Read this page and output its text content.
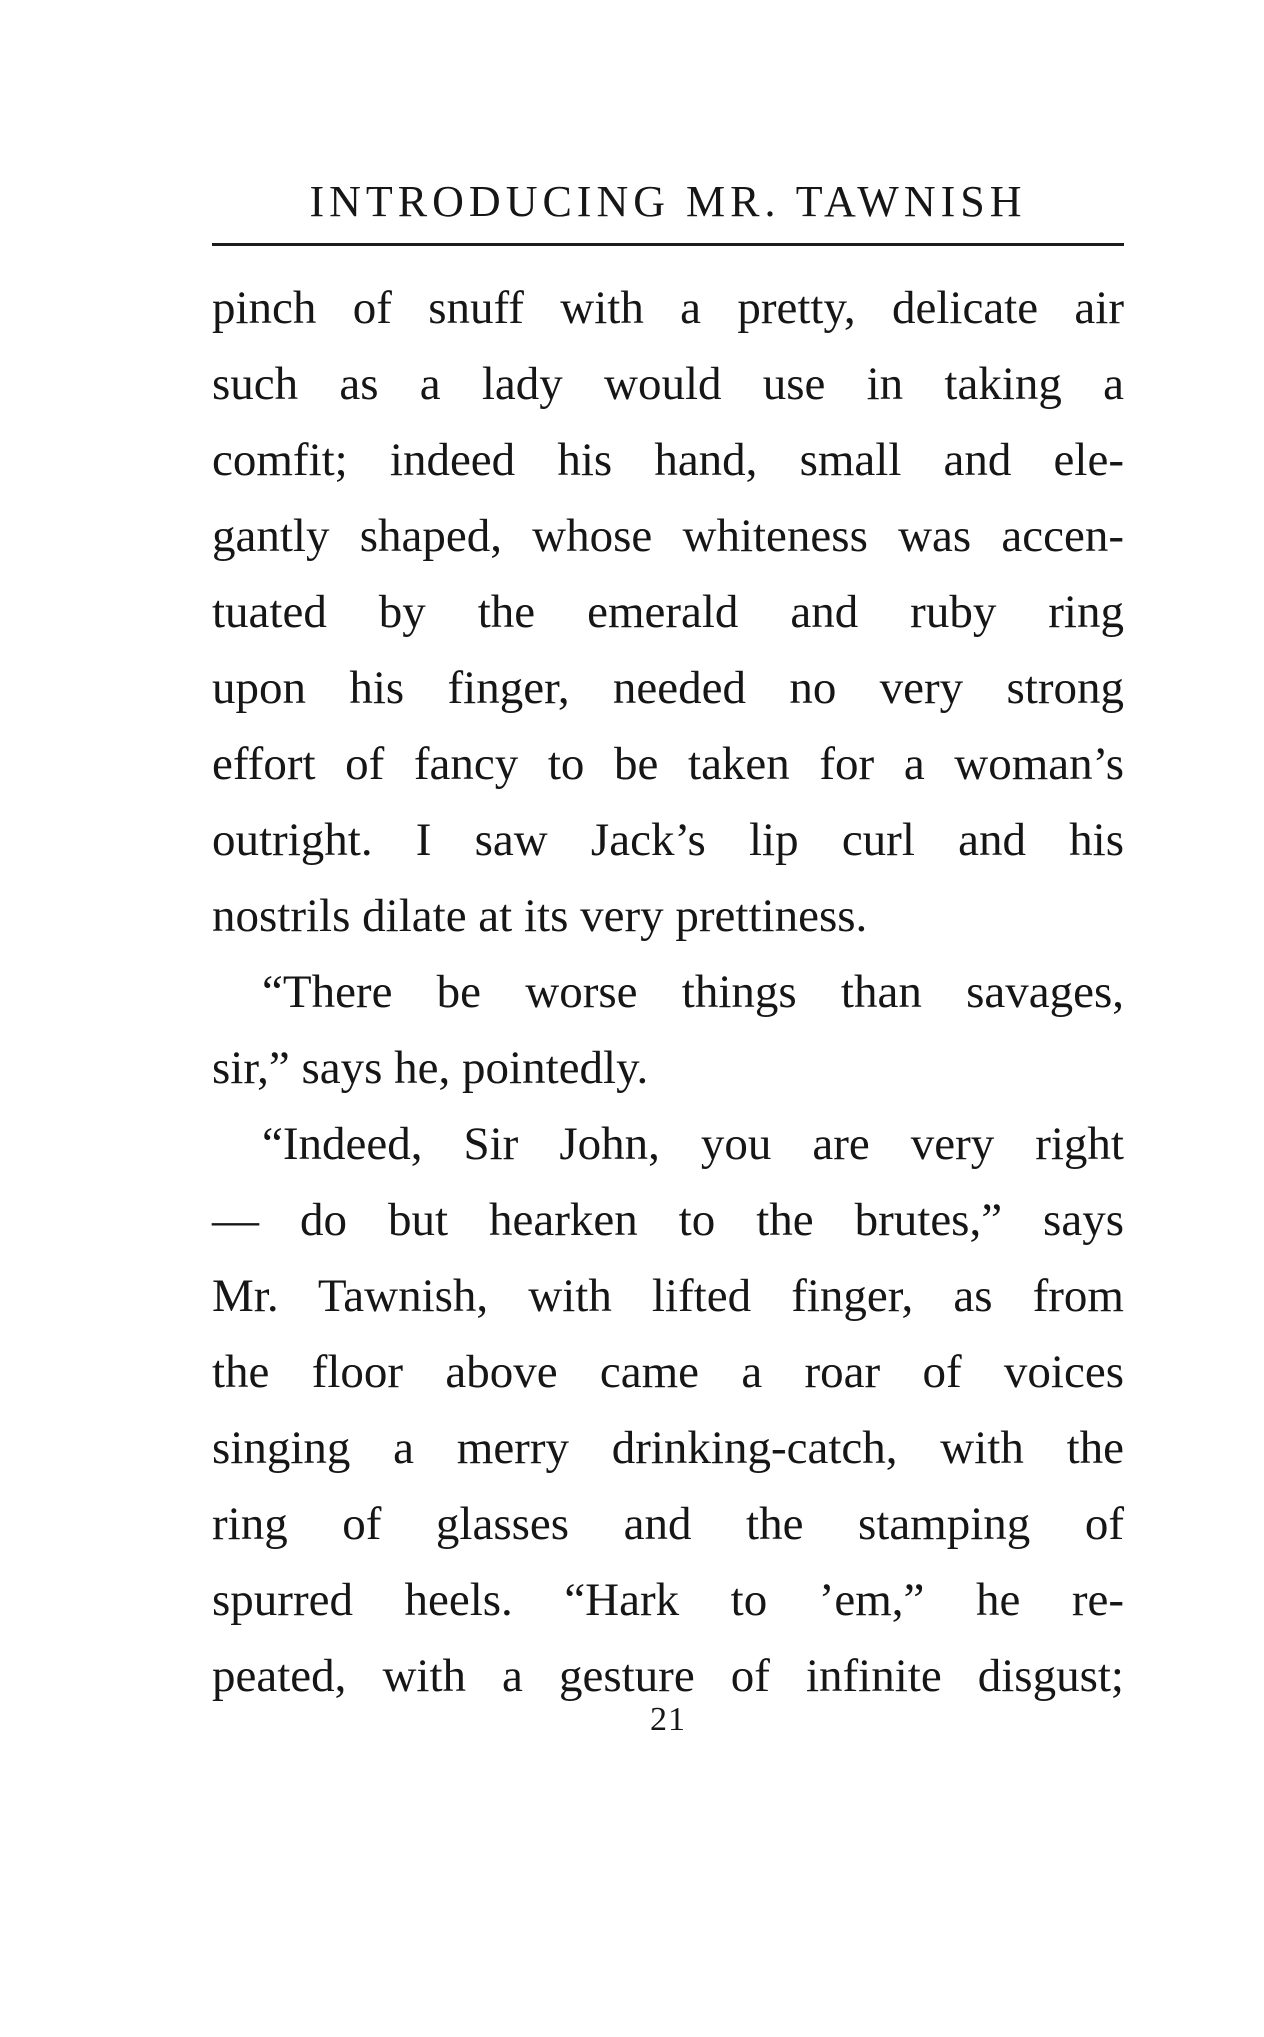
INTRODUCING MR. TAWNISH
pinch of snuff with a pretty, delicate air
such as a lady would use in taking a
comfit; indeed his hand, small and ele-
gantly shaped, whose whiteness was accen-
tuated by the emerald and ruby ring
upon his finger, needed no very strong
effort of fancy to be taken for a woman’s
outright. I saw Jack’s lip curl and his
nostrils dilate at its very prettiness.
“There be worse things than savages,
sir,” says he, pointedly.
“Indeed, Sir John, you are very right
— do but hearken to the brutes,” says
Mr. Tawnish, with lifted finger, as from
the floor above came a roar of voices
singing a merry drinking-catch, with the
ring of glasses and the stamping of
spurred heels. “Hark to ’em,” he re-
peated, with a gesture of infinite disgust;
21
